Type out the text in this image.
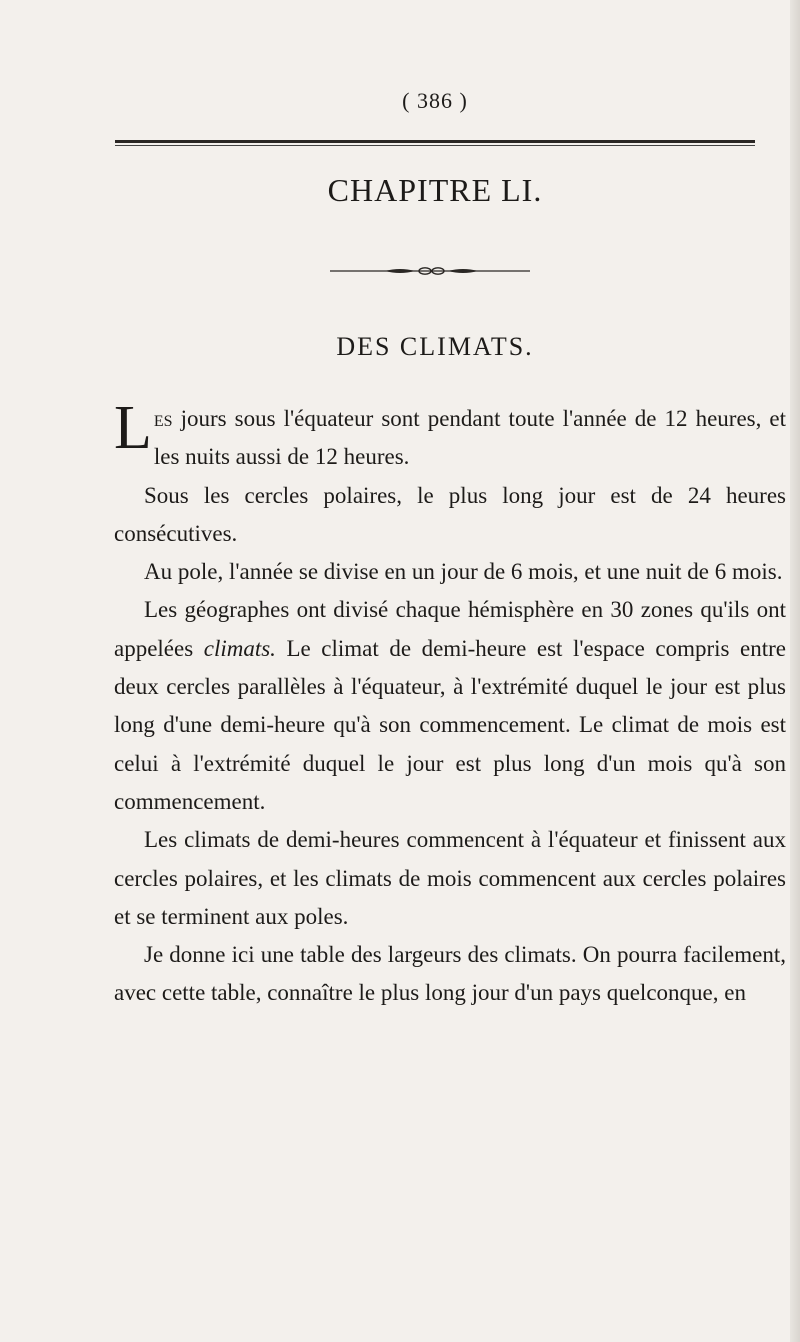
( 386 )
CHAPITRE LI.
DES CLIMATS.

Les jours sous l'équateur sont pendant toute l'année de 12 heures, et les nuits aussi de 12 heures.

Sous les cercles polaires, le plus long jour est de 24 heures consécutives.

Au pole, l'année se divise en un jour de 6 mois, et une nuit de 6 mois.

Les géographes ont divisé chaque hémisphère en 30 zones qu'ils ont appelées climats. Le climat de demi-heure est l'espace compris entre deux cercles parallèles à l'équateur, à l'extrémité duquel le jour est plus long d'une demi-heure qu'à son commencement. Le climat de mois est celui à l'extrémité duquel le jour est plus long d'un mois qu'à son commencement.

Les climats de demi-heures commencent à l'équateur et finissent aux cercles polaires, et les climats de mois commencent aux cercles polaires et se terminent aux poles.

Je donne ici une table des largeurs des climats. On pourra facilement, avec cette table, connaître le plus long jour d'un pays quelconque, en
